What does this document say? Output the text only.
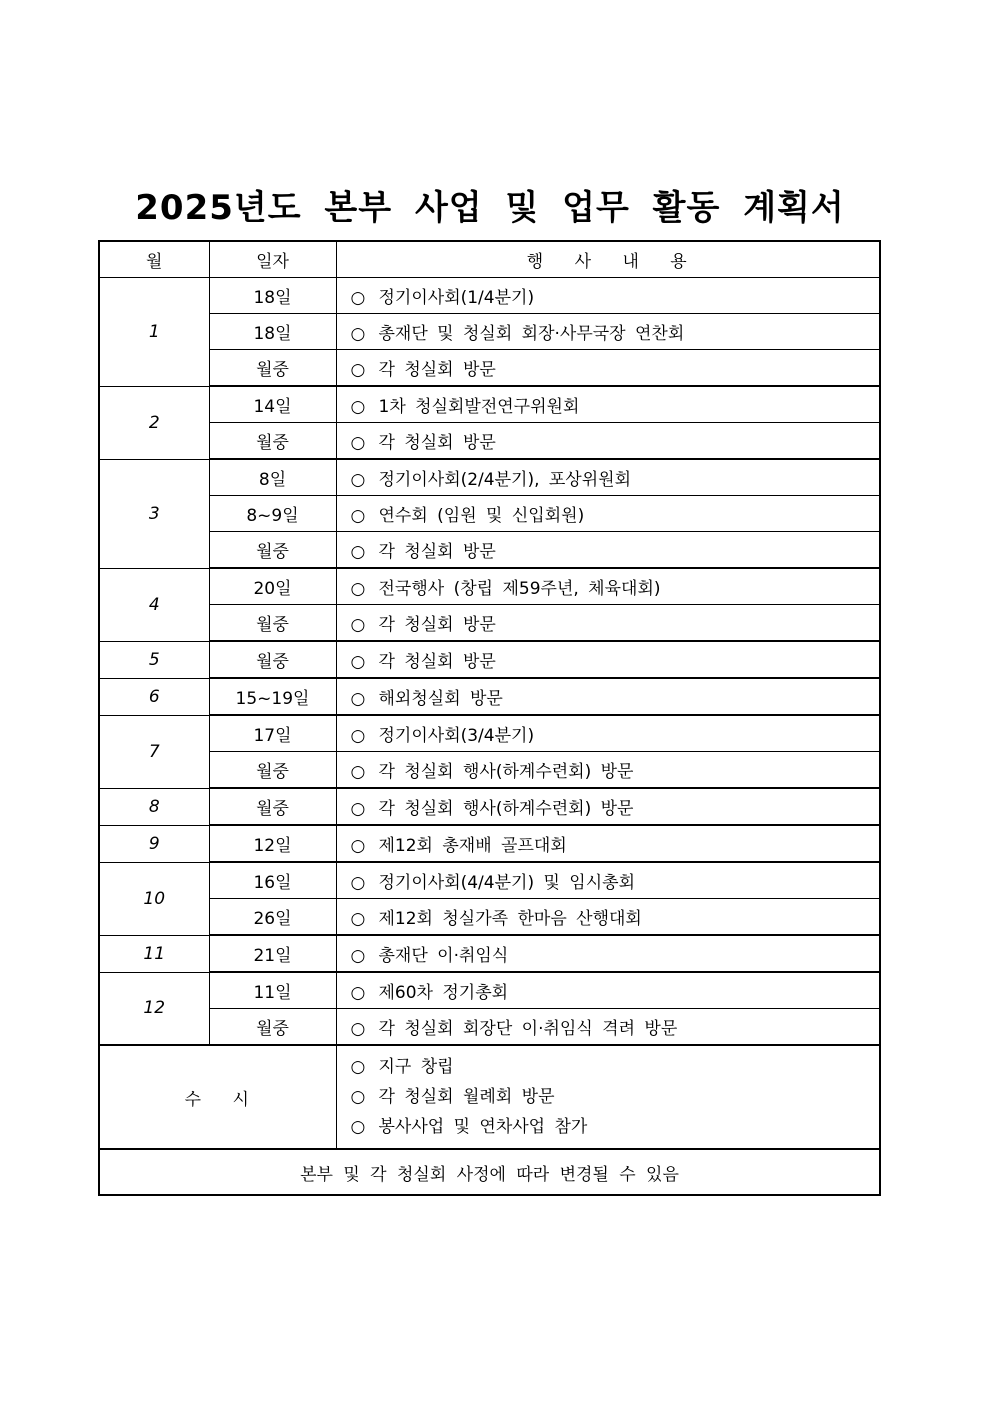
2025년도 본부 사업 및 업무 활동 계획서
월	일자	행 사 내 용
1	18일	○ 정기이사회(1/4분기)
	18일	○ 총재단 및 청실회 회장·사무국장 연찬회
	월중	○ 각 청실회 방문
2	14일	○ 1차 청실회발전연구위원회
	월중	○ 각 청실회 방문
3	8일	○ 정기이사회(2/4분기), 포상위원회
	8~9일	○ 연수회 (임원 및 신입회원)
	월중	○ 각 청실회 방문
4	20일	○ 전국행사 (창립 제59주년, 체육대회)
	월중	○ 각 청실회 방문
5	월중	○ 각 청실회 방문
6	15~19일	○ 해외청실회 방문
7	17일	○ 정기이사회(3/4분기)
	월중	○ 각 청실회 행사(하계수련회) 방문
8	월중	○ 각 청실회 행사(하계수련회) 방문
9	12일	○ 제12회 총재배 골프대회
10	16일	○ 정기이사회(4/4분기) 및 임시총회
	26일	○ 제12회 청실가족 한마음 산행대회
11	21일	○ 총재단 이·취임식
12	11일	○ 제60차 정기총회
	월중	○ 각 청실회 회장단 이·취임식 격려 방문
수 시		○ 지구 창립
○ 각 청실회 월례회 방문
○ 봉사사업 및 연차사업 참가

본부 및 각 청실회 사정에 따라 변경될 수 있음		
